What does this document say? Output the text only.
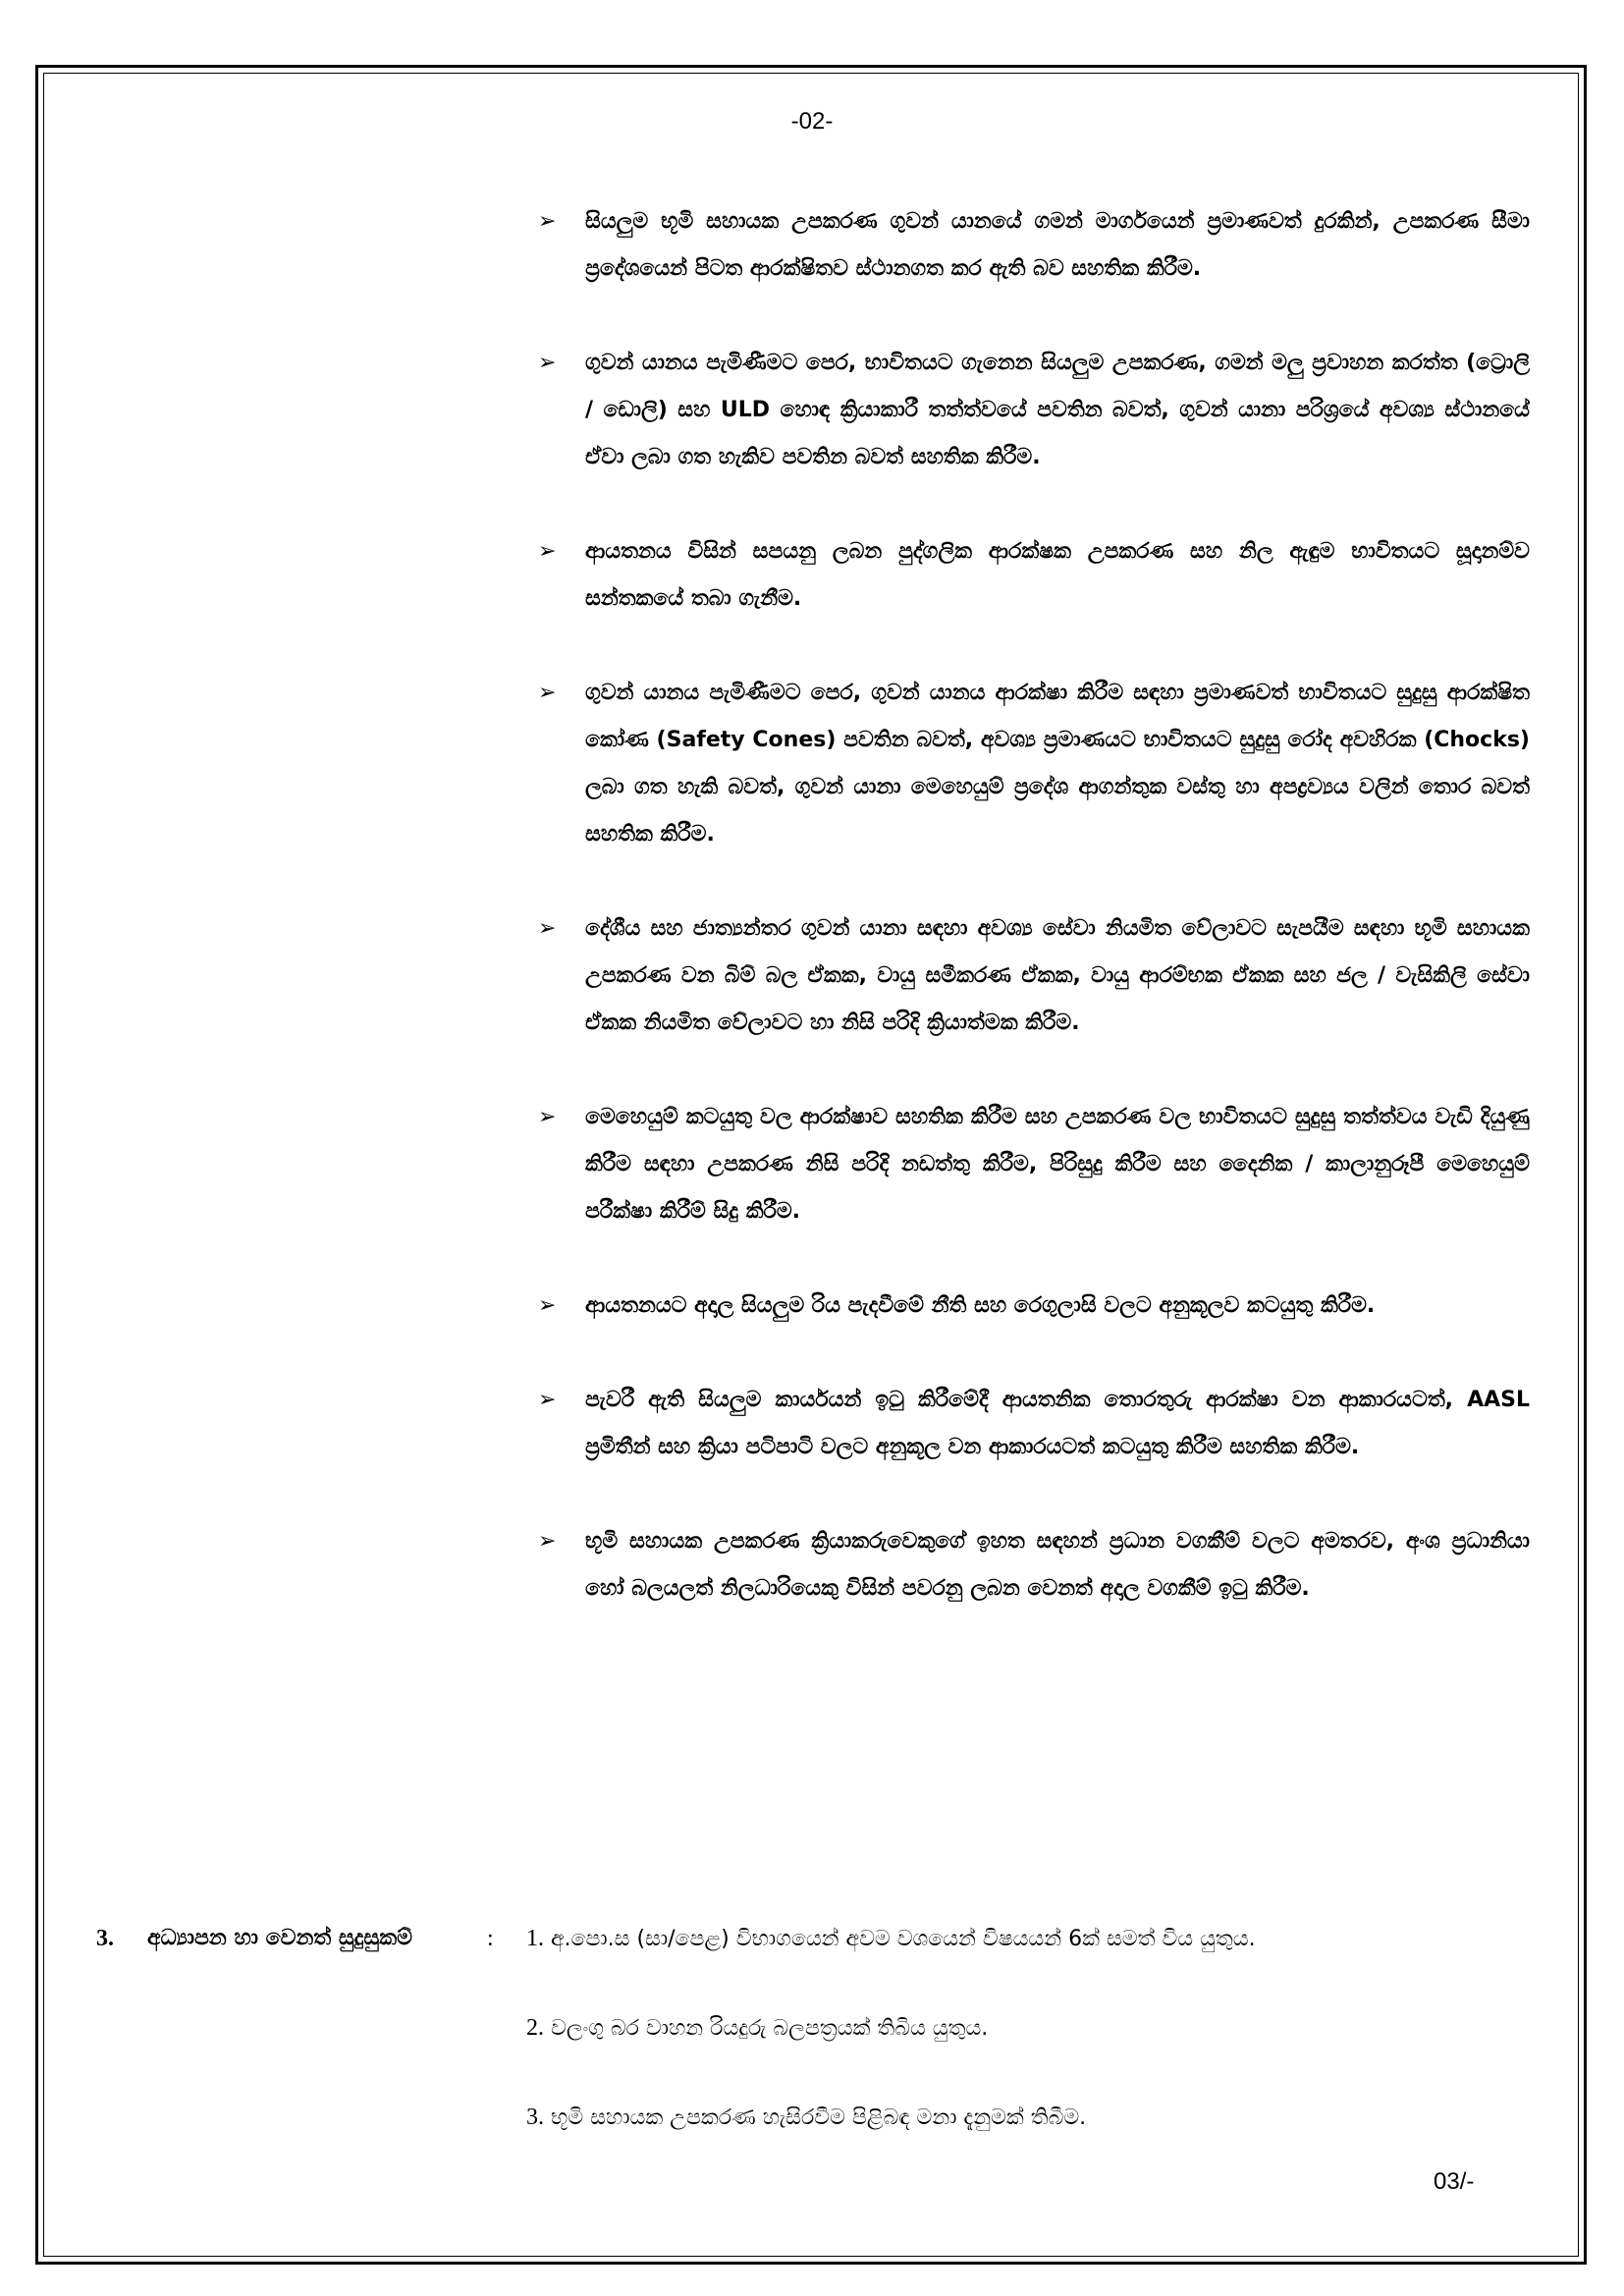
-02-
➢ සියලුම භූමි සහායක උපකරණ ගුවන් යානයේ ගමන් මාර්ගයෙන් ප්‍රමාණවත් දුරකින්, උපකරණ සීමා ප්‍රදේශයෙන් පිටත ආරක්ෂිතව ස්ථානගත කර ඇති බව සහතික කිරීම.
➢ ගුවන් යානය පැමිණීමට පෙර, භාවිතයට ගැනෙන සියලුම උපකරණ, ගමන් මලු ප්‍රවාහන කරත්ත (ට්‍රොලි / ඩොලි) සහ ULD හොඳ ක්‍රියාකාරී තත්ත්වයේ පවතින බවත්, ගුවන් යානා පරිශ්‍රයේ අවශ්‍ය ස්ථානයේ ඒවා ලබා ගත හැකිව පවතින බවත් සහතික කිරීම.
➢ ආයතනය විසින් සපයනු ලබන පුද්ගලික ආරක්ෂක උපකරණ සහ නිල ඇඳුම භාවිතයට සූදානම්ව සන්තකයේ තබා ගැනීම.
➢ ගුවන් යානය පැමිණීමට පෙර, ගුවන් යානය ආරක්ෂා කිරීම සඳහා ප්‍රමාණවත් භාවිතයට සුදුසු ආරක්ෂිත කෝණ (Safety Cones) පවතින බවත්, අවශ්‍ය ප්‍රමාණයට භාවිතයට සුදුසු රෝද අවහිරක (Chocks) ලබා ගත හැකි බවත්, ගුවන් යානා මෙහෙයුම් ප්‍රදේශ ආගන්තුක වස්තු හා අපද්‍රව්‍යය වලින් තොර බවත් සහතික කිරීම.
➢ දේශීය සහ ජාත්‍යන්තර ගුවන් යානා සඳහා අවශ්‍ය සේවා නියමිත වේලාවට සැපයීම සඳහා භූමි සහායක උපකරණ වන බිම් බල ඒකක, වායු සමීකරණ ඒකක, වායු ආරම්භක ඒකක සහ ජල / වැසිකිලි සේවා ඒකක නියමිත වේලාවට හා නිසි පරිදි ක්‍රියාත්මක කිරීම.
➢ මෙහෙයුම් කටයුතු වල ආරක්ෂාව සහතික කිරීම සහ උපකරණ වල භාවිතයට සුදුසු තත්ත්වය වැඩි දියුණු කිරීම සඳහා උපකරණ නිසි පරිදි නඩත්තු කිරීම, පිරිසුදු කිරීම සහ දෛනික / කාලානුරූපී මෙහෙයුම් පරීක්ෂා කිරීම් සිදු කිරීම.
➢ ආයතනයට අදාල සියලුම රිය පැදවීමේ නීති සහ රෙගුලාසි වලට අනුකූලව කටයුතු කිරීම.
➢ පැවරී ඇති සියලුම කාර්යයන් ඉටු කිරීමේදී ආයතනික තොරතුරු ආරක්ෂා වන ආකාරයටත්, AASL ප්‍රමිතීන් සහ ක්‍රියා පටිපාටි වලට අනුකූල වන ආකාරයටත් කටයුතු කිරීම සහතික කිරීම.
➢ භූමි සහායක උපකරණ ක්‍රියාකරුවෙකුගේ ඉහත සඳහන් ප්‍රධාන වගකීම් වලට අමතරව, අංශ ප්‍රධානියා හෝ බලයලත් නිලධාරියෙකු විසින් පවරනු ලබන වෙනත් අදාල වගකීම් ඉටු කිරීම.
3. අධ්‍යාපන හා වෙනත් සුදුසුකම්	: 1. අ.පො.ස (සා/පෙළ) විභාගයෙන් අවම වශයෙන් විෂයයන් 6ක් සමත් විය යුතුය.
2. වලංගු බර වාහන රියදුරු බලපත්‍රයක් තිබිය යුතුය.
3. භූමි සහායක උපකරණ හැසිරවීම පිළිබඳ මනා දැනුමක් තිබීම.
03/-
